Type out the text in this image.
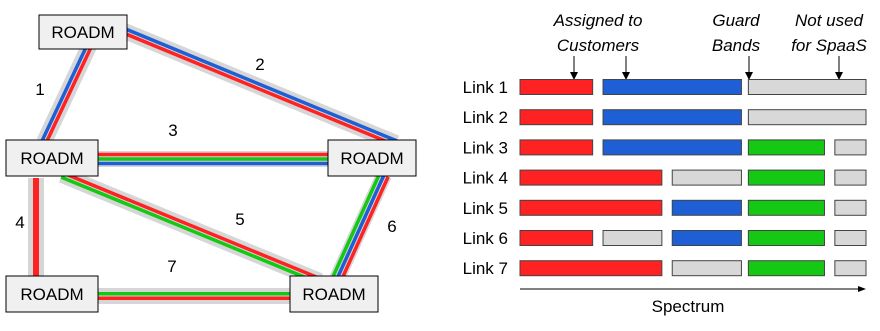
1
2
3
4	5	6
7
ROADM
ROADM	ROADM
ROADM	ROADM
Assigned to
Customers
Guard
Bands
Not used
for SpaaS
Link 1
Link 2
Link 3
Link 4
Link 5
Link 6
Link 7
Spectrum
